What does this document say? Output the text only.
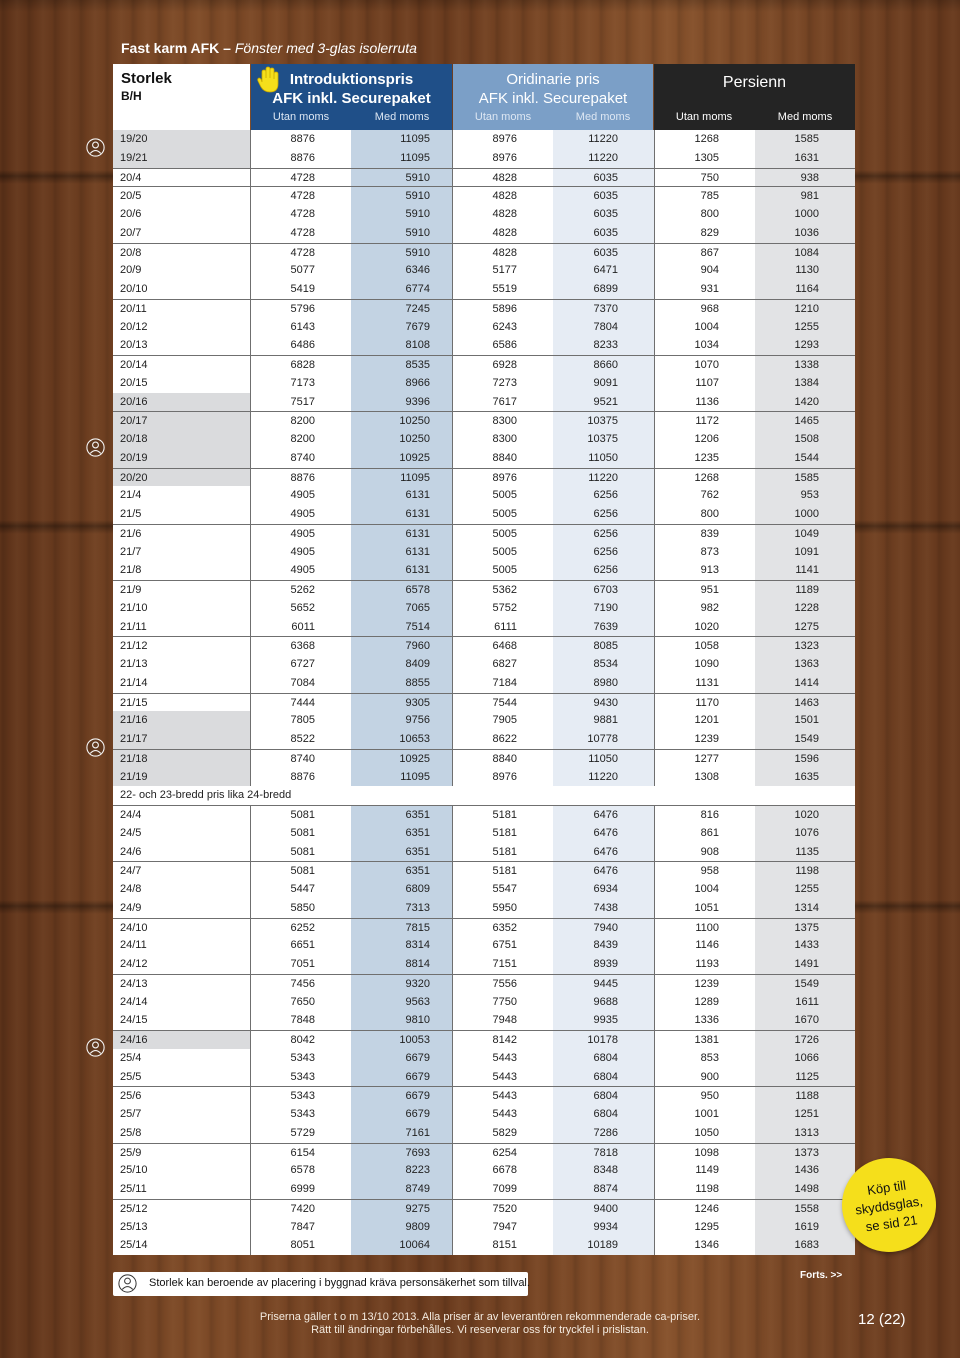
Fast karm AFK – Fönster med 3-glas isolerruta
Storlek
B/H
Introduktionspris
AFK inkl. Securepaket
Utan moms	Med moms
Oridinarie pris
AFK inkl. Securepaket
Utan moms	Med moms
Persienn
Utan moms	Med moms
19/20	8876	11095	8976	11220	1268	1585
19/21	8876	11095	8976	11220	1305	1631
20/4	4728	5910	4828	6035	750	938
20/5	4728	5910	4828	6035	785	981
20/6	4728	5910	4828	6035	800	1000
20/7	4728	5910	4828	6035	829	1036
20/8	4728	5910	4828	6035	867	1084
20/9	5077	6346	5177	6471	904	1130
20/10	5419	6774	5519	6899	931	1164
20/11	5796	7245	5896	7370	968	1210
20/12	6143	7679	6243	7804	1004	1255
20/13	6486	8108	6586	8233	1034	1293
20/14	6828	8535	6928	8660	1070	1338
20/15	7173	8966	7273	9091	1107	1384
20/16	7517	9396	7617	9521	1136	1420
20/17	8200	10250	8300	10375	1172	1465
20/18	8200	10250	8300	10375	1206	1508
20/19	8740	10925	8840	11050	1235	1544
20/20	8876	11095	8976	11220	1268	1585
21/4	4905	6131	5005	6256	762	953
21/5	4905	6131	5005	6256	800	1000
21/6	4905	6131	5005	6256	839	1049
21/7	4905	6131	5005	6256	873	1091
21/8	4905	6131	5005	6256	913	1141
21/9	5262	6578	5362	6703	951	1189
21/10	5652	7065	5752	7190	982	1228
21/11	6011	7514	6111	7639	1020	1275
21/12	6368	7960	6468	8085	1058	1323
21/13	6727	8409	6827	8534	1090	1363
21/14	7084	8855	7184	8980	1131	1414
21/15	7444	9305	7544	9430	1170	1463
21/16	7805	9756	7905	9881	1201	1501
21/17	8522	10653	8622	10778	1239	1549
21/18	8740	10925	8840	11050	1277	1596
21/19	8876	11095	8976	11220	1308	1635
22- och 23-bredd pris lika 24-bredd
24/4	5081	6351	5181	6476	816	1020
24/5	5081	6351	5181	6476	861	1076
24/6	5081	6351	5181	6476	908	1135
24/7	5081	6351	5181	6476	958	1198
24/8	5447	6809	5547	6934	1004	1255
24/9	5850	7313	5950	7438	1051	1314
24/10	6252	7815	6352	7940	1100	1375
24/11	6651	8314	6751	8439	1146	1433
24/12	7051	8814	7151	8939	1193	1491
24/13	7456	9320	7556	9445	1239	1549
24/14	7650	9563	7750	9688	1289	1611
24/15	7848	9810	7948	9935	1336	1670
24/16	8042	10053	8142	10178	1381	1726
25/4	5343	6679	5443	6804	853	1066
25/5	5343	6679	5443	6804	900	1125
25/6	5343	6679	5443	6804	950	1188
25/7	5343	6679	5443	6804	1001	1251
25/8	5729	7161	5829	7286	1050	1313
25/9	6154	7693	6254	7818	1098	1373
25/10	6578	8223	6678	8348	1149	1436
25/11	6999	8749	7099	8874	1198	1498
25/12	7420	9275	7520	9400	1246	1558
25/13	7847	9809	7947	9934	1295	1619
25/14	8051	10064	8151	10189	1346	1683
Storlek kan beroende av placering i byggnad kräva personsäkerhet som tillval.
Forts. >>
Köp till
skyddsglas,
se sid 21
Priserna gäller t o m 13/10 2013. Alla priser är av leverantören rekommenderade ca-priser.
Rätt till ändringar förbehålles. Vi reserverar oss för tryckfel i prislistan.
12 (22)
